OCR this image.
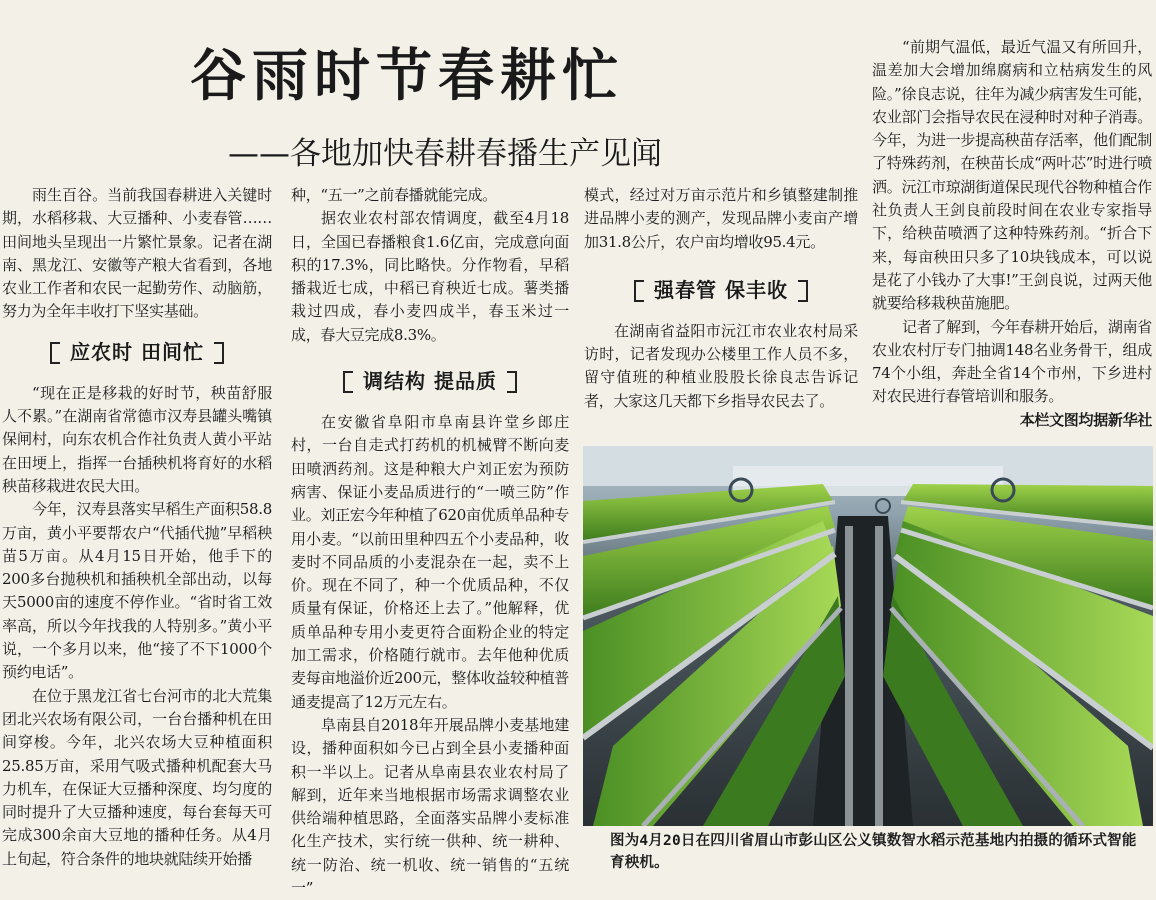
谷雨时节春耕忙
——各地加快春耕春播生产见闻

雨生百谷。当前我国春耕进入关键时期，水稻移栽、大豆播种、小麦春管……田间地头呈现出一片繁忙景象。记者在湖南、黑龙江、安徽等产粮大省看到，各地农业工作者和农民一起勤劳作、动脑筋，努力为全年丰收打下坚实基础。

应农时 田间忙

“现在正是移栽的好时节，秧苗舒服人不累。”在湖南省常德市汉寿县罐头嘴镇保闸村，向东农机合作社负责人黄小平站在田埂上，指挥一台插秧机将育好的水稻秧苗移栽进农民大田。

今年，汉寿县落实早稻生产面积58.8万亩，黄小平要帮农户“代插代抛”早稻秧苗5万亩。从4月15日开始，他手下的200多台抛秧机和插秧机全部出动，以每天5000亩的速度不停作业。“省时省工效率高，所以今年找我的人特别多。”黄小平说，一个多月以来，他“接了不下1000个预约电话”。

在位于黑龙江省七台河市的北大荒集团北兴农场有限公司，一台台播种机在田间穿梭。今年，北兴农场大豆种植面积25.85万亩，采用气吸式播种机配套大马力机车，在保证大豆播种深度、均匀度的同时提升了大豆播种速度，每台套每天可完成300余亩大豆地的播种任务。从4月上旬起，符合条件的地块就陆续开始播

种，“五一”之前春播就能完成。

据农业农村部农情调度，截至4月18日，全国已春播粮食1.6亿亩，完成意向面积的17.3%，同比略快。分作物看，早稻播栽近七成，中稻已育秧近七成。薯类播栽过四成，春小麦四成半，春玉米过一成，春大豆完成8.3%。

调结构 提品质

在安徽省阜阳市阜南县许堂乡郎庄村，一台自走式打药机的机械臂不断向麦田喷洒药剂。这是种粮大户刘正宏为预防病害、保证小麦品质进行的“一喷三防”作业。刘正宏今年种植了620亩优质单品种专用小麦。“以前田里种四五个小麦品种，收麦时不同品质的小麦混杂在一起，卖不上价。现在不同了，种一个优质品种，不仅质量有保证，价格还上去了。”他解释，优质单品种专用小麦更符合面粉企业的特定加工需求，价格随行就市。去年他种优质麦每亩地溢价近200元，整体收益较种植普通麦提高了12万元左右。

阜南县自2018年开展品牌小麦基地建设，播种面积如今已占到全县小麦播种面积一半以上。记者从阜南县农业农村局了解到，近年来当地根据市场需求调整农业供给端种植思路，全面落实品牌小麦标准化生产技术，实行统一供种、统一耕种、统一防治、统一机收、统一销售的“五统一”

模式，经过对万亩示范片和乡镇整建制推进品牌小麦的测产，发现品牌小麦亩产增加31.8公斤，农户亩均增收95.4元。

强春管 保丰收

在湖南省益阳市沅江市农业农村局采访时，记者发现办公楼里工作人员不多，留守值班的种植业股股长徐良志告诉记者，大家这几天都下乡指导农民去了。

“前期气温低，最近气温又有所回升，温差加大会增加绵腐病和立枯病发生的风险。”徐良志说，往年为减少病害发生可能，农业部门会指导农民在浸种时对种子消毒。今年，为进一步提高秧苗存活率，他们配制了特殊药剂，在秧苗长成“两叶芯”时进行喷洒。沅江市琼湖街道保民现代谷物种植合作社负责人王剑良前段时间在农业专家指导下，给秧苗喷洒了这种特殊药剂。“折合下来，每亩秧田只多了10块钱成本，可以说是花了小钱办了大事!”王剑良说，过两天他就要给移栽秧苗施肥。

记者了解到，今年春耕开始后，湖南省农业农村厅专门抽调148名业务骨干，组成74个小组，奔赴全省14个市州，下乡进村对农民进行春管培训和服务。

本栏文图均据新华社
图为4月20日在四川省眉山市彭山区公义镇数智水稻示范基地内拍摄的循环式智能育秧机。
